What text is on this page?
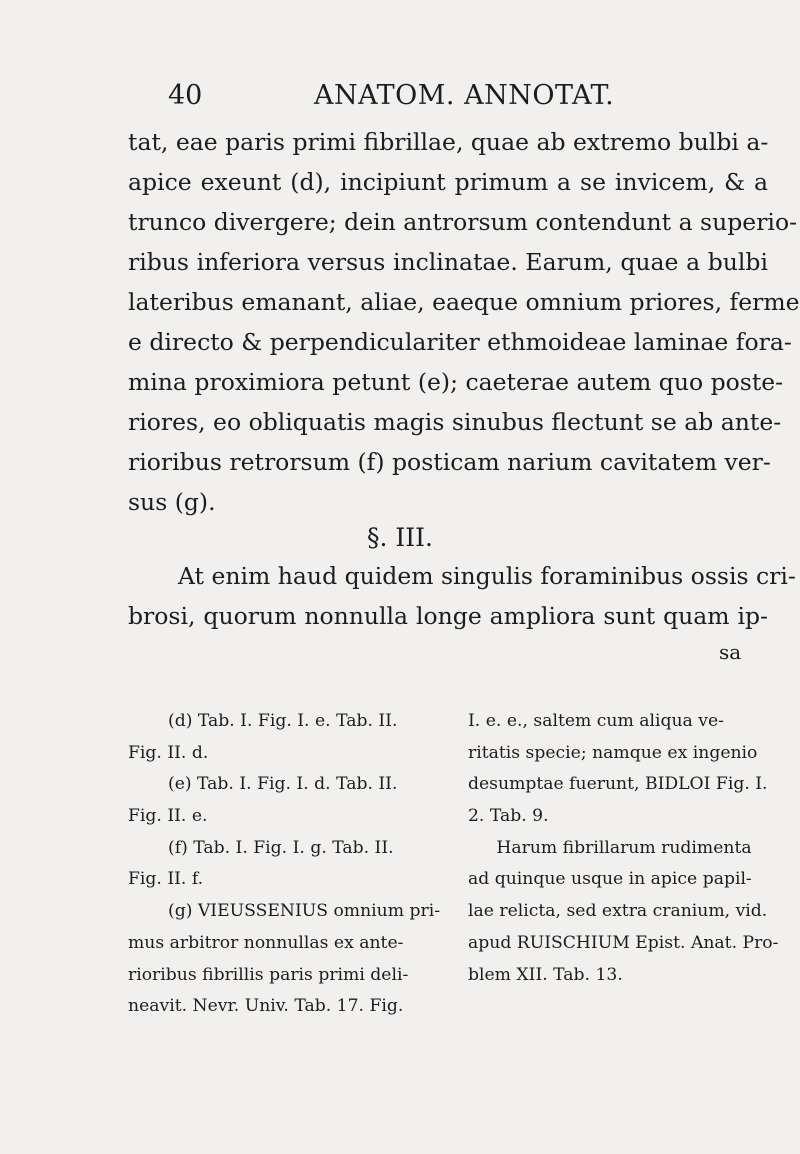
40	ANATOM. ANNOTAT.
tat, eae paris primi fibrillae, quae ab extremo bulbi a-
apice exeunt (d), incipiunt primum a se invicem, & a
trunco divergere; dein antrorsum contendunt a superio-
ribus inferiora versus inclinatae. Earum, quae a bulbi
lateribus emanant, aliae, eaeque omnium priores, ferme
e directo & perpendiculariter ethmoideae laminae fora-
mina proximiora petunt (e); caeterae autem quo poste-
riores, eo obliquatis magis sinubus flectunt se ab ante-
rioribus retrorsum (f) posticam narium cavitatem ver-
sus (g).
§. III.
At enim haud quidem singulis foraminibus ossis cri-
brosi, quorum nonnulla longe ampliora sunt quam ip-
sa
(d) Tab. I. Fig. I. e. Tab. II.
Fig. II. d.
(e) Tab. I. Fig. I. d. Tab. II.
Fig. II. e.
(f) Tab. I. Fig. I. g. Tab. II.
Fig. II. f.
(g) VIEUSSENIUS omnium pri-
mus arbitror nonnullas ex ante-
rioribus fibrillis paris primi deli-
neavit. Nevr. Univ. Tab. 17. Fig.
I. e. e., saltem cum aliqua ve-
ritatis specie; namque ex ingenio
desumptae fuerunt, BIDLOI Fig. I.
2. Tab. 9.
Harum fibrillarum rudimenta
ad quinque usque in apice papil-
lae relicta, sed extra cranium, vid.
apud RUISCHIUM Epist. Anat. Pro-
blem XII. Tab. 13.
